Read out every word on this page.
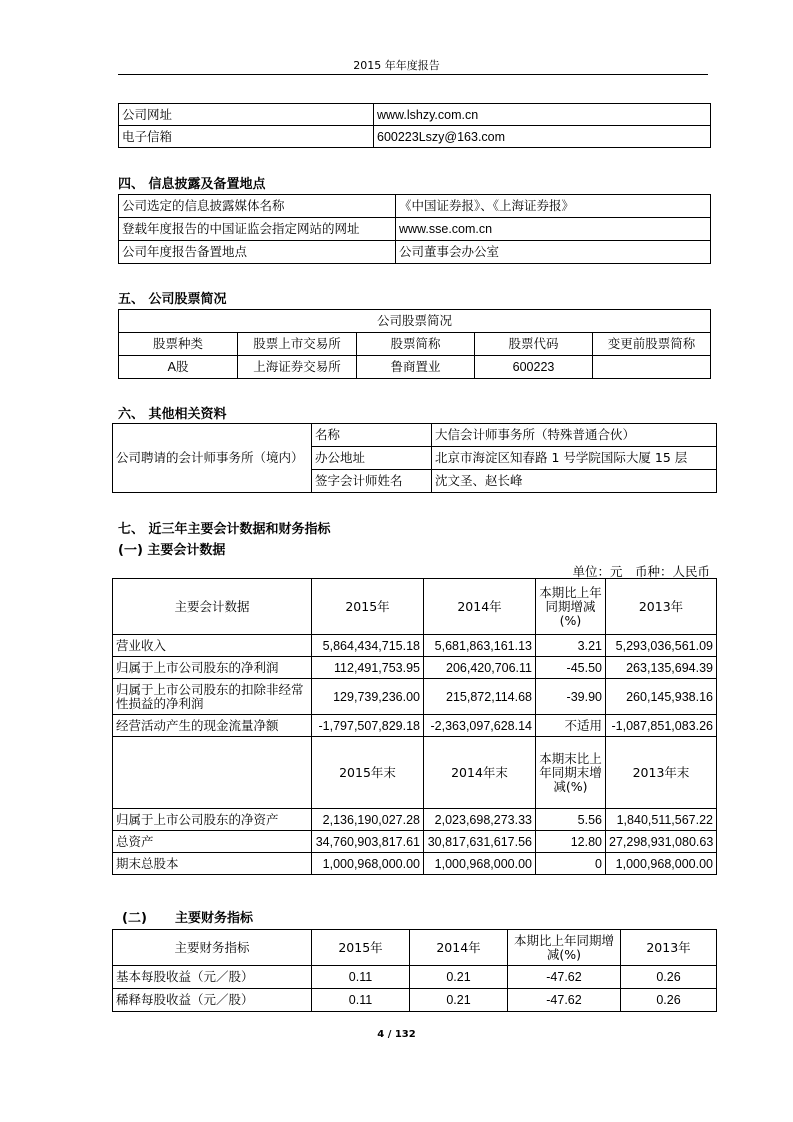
2015 年年度报告
公司网址	www.lshzy.com.cn
电子信箱	600223Lszy@163.com
四、 信息披露及备置地点
公司选定的信息披露媒体名称	《中国证券报》、《上海证券报》
登载年度报告的中国证监会指定网站的网址	www.sse.com.cn
公司年度报告备置地点	公司董事会办公室
五、 公司股票简况
公司股票简况				
股票种类	股票上市交易所	股票简称	股票代码	变更前股票简称
A股	上海证券交易所	鲁商置业	600223	
六、 其他相关资料
公司聘请的会计师事务所（境内）	名称	大信会计师事务所（特殊普通合伙）
	办公地址	北京市海淀区知春路 1 号学院国际大厦 15 层
	签字会计师姓名	沈文圣、赵长峰
七、 近三年主要会计数据和财务指标
(一) 主要会计数据
单位：元　币种：人民币
主要会计数据	2015年	2014年	本期比上年同期增减(%)	2013年
营业收入	5,864,434,715.18	5,681,863,161.13	3.21	5,293,036,561.09
归属于上市公司股东的净利润	112,491,753.95	206,420,706.11	-45.50	263,135,694.39
归属于上市公司股东的扣除非经常性损益的净利润	129,739,236.00	215,872,114.68	-39.90	260,145,938.16
经营活动产生的现金流量净额	-1,797,507,829.18	-2,363,097,628.14	不适用	-1,087,851,083.26
	2015年末	2014年末	本期末比上年同期末增减(%)	2013年末
归属于上市公司股东的净资产	2,136,190,027.28	2,023,698,273.33	5.56	1,840,511,567.22
总资产	34,760,903,817.61	30,817,631,617.56	12.80	27,298,931,080.63
期末总股本	1,000,968,000.00	1,000,968,000.00	0	1,000,968,000.00
(二) 主要财务指标
主要财务指标	2015年	2014年	本期比上年同期增减(%)	2013年
基本每股收益（元／股）	0.11	0.21	-47.62	0.26
稀释每股收益（元／股）	0.11	0.21	-47.62	0.26
4 / 132
